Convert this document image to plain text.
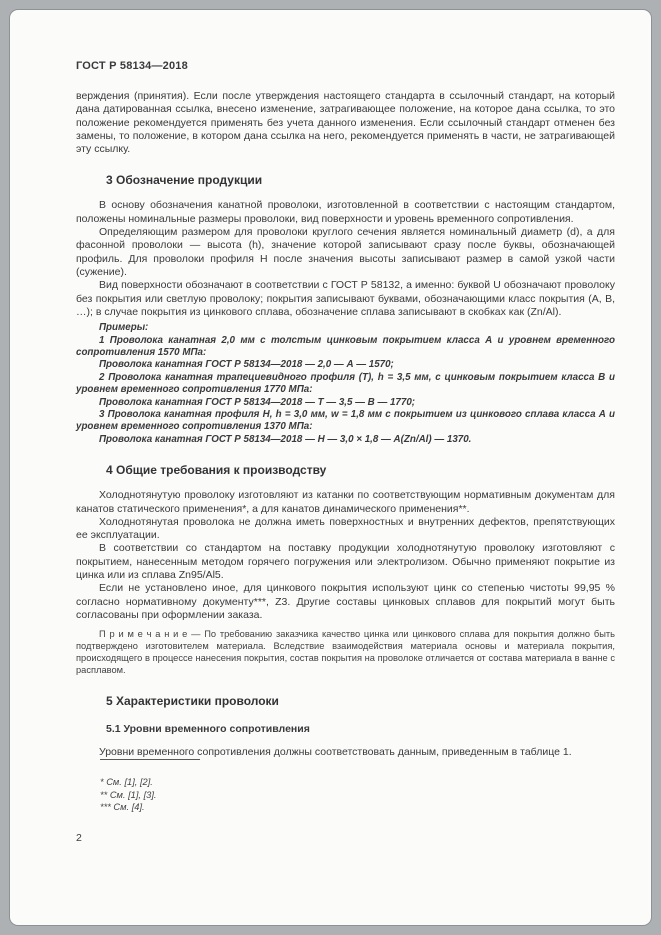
ГОСТ Р 58134—2018

верждения (принятия). Если после утверждения настоящего стандарта в ссылочный стандарт, на который дана датированная ссылка, внесено изменение, затрагивающее положение, на которое дана ссылка, то это положение рекомендуется применять без учета данного изменения. Если ссылочный стандарт отменен без замены, то положение, в котором дана ссылка на него, рекомендуется применять в части, не затрагивающей эту ссылку.

3 Обозначение продукции

В основу обозначения канатной проволоки, изготовленной в соответствии с настоящим стандартом, положены номинальные размеры проволоки, вид поверхности и уровень временного сопротивления.

Определяющим размером для проволоки круглого сечения является номинальный диаметр (d), а для фасонной проволоки — высота (h), значение которой записывают сразу после буквы, обозначающей профиль. Для проволоки профиля Н после значения высоты записывают размер в самой узкой части (сужение).

Вид поверхности обозначают в соответствии с ГОСТ Р 58132, а именно: буквой U обозначают проволоку без покрытия или светлую проволоку; покрытия записывают буквами, обозначающими класс покрытия (А, В, …); в случае покрытия из цинкового сплава, обозначение сплава записывают в скобках как (Zn/Al).

Примеры:

1 Проволока канатная 2,0 мм с толстым цинковым покрытием класса А и уровнем временного сопротивления 1570 МПа:

Проволока канатная ГОСТ Р 58134—2018 — 2,0 — А — 1570;

2 Проволока канатная трапециевидного профиля (Т), h = 3,5 мм, с цинковым покрытием класса В и уровнем временного сопротивления 1770 МПа:

Проволока канатная ГОСТ Р 58134—2018 — Т — 3,5 — В — 1770;

3 Проволока канатная профиля Н, h = 3,0 мм, w = 1,8 мм с покрытием из цинкового сплава класса А и уровнем временного сопротивления 1370 МПа:

Проволока канатная ГОСТ Р 58134—2018 — Н — 3,0 × 1,8 — А(Zn/Al) — 1370.

4 Общие требования к производству

Холоднотянутую проволоку изготовляют из катанки по соответствующим нормативным документам для канатов статического применения*, а для канатов динамического применения**.

Холоднотянутая проволока не должна иметь поверхностных и внутренних дефектов, препятствующих ее эксплуатации.

В соответствии со стандартом на поставку продукции холоднотянутую проволоку изготовляют с покрытием, нанесенным методом горячего погружения или электролизом. Обычно применяют покрытие из цинка или из сплава Zn95/Al5.

Если не установлено иное, для цинкового покрытия используют цинк со степенью чистоты 99,95 % согласно нормативному документу***, Z3. Другие составы цинковых сплавов для покрытий могут быть согласованы при оформлении заказа.

П р и м е ч а н и е — По требованию заказчика качество цинка или цинкового сплава для покрытия должно быть подтверждено изготовителем материала. Вследствие взаимодействия материала основы и материала покрытия, происходящего в процессе нанесения покрытия, состав покрытия на проволоке отличается от состава материала в ванне с расплавом.

5 Характеристики проволоки
5.1 Уровни временного сопротивления

Уровни временного сопротивления должны соответствовать данным, приведенным в таблице 1.

* См. [1], [2].
** См. [1], [3].
*** См. [4].
2
